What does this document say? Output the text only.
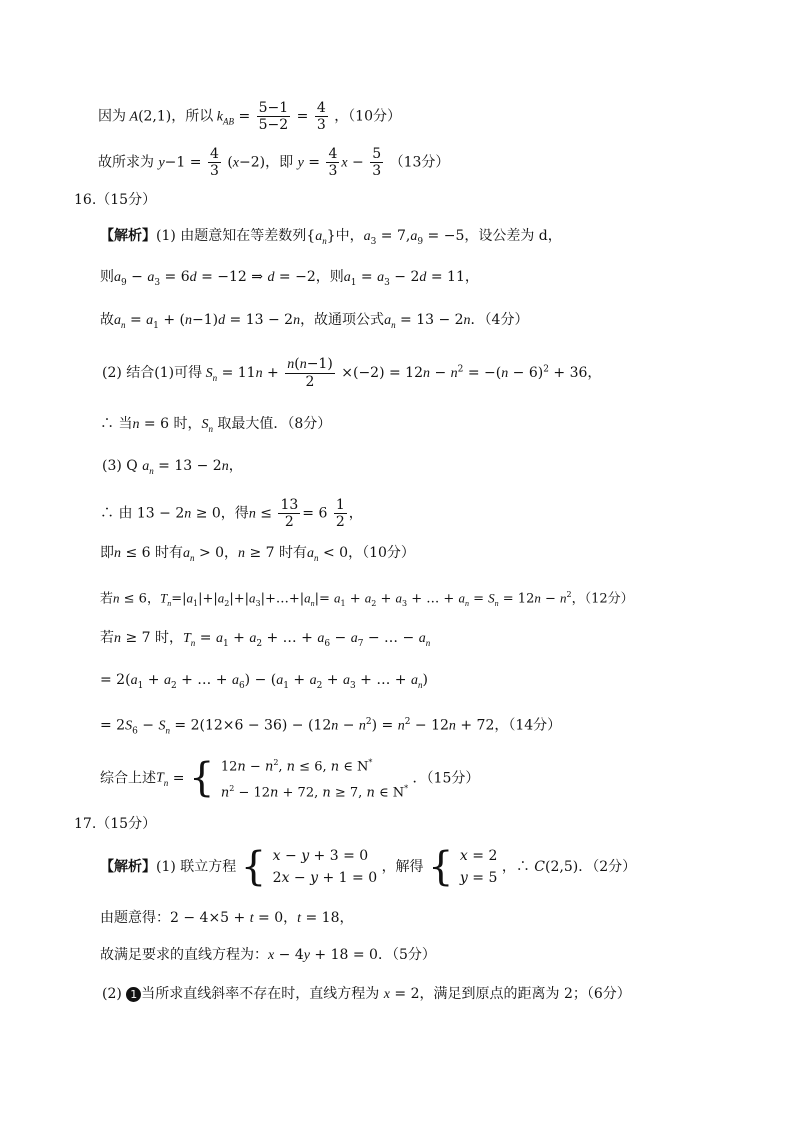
因为 A(2,1)，所以 $k_{AB} = \frac{5-1}{5-2} = \frac{4}{3}$ ，（10分）
故所求为 $y-1 = \frac{4}{3} (x-2)$，即 $y = \frac{4}{3}$ $x - \frac{5}{3} (13$分）
16.（15分）
【解析】(1) 由题意知在等差数列$\{a_n\}$中，$a_3 = 7,a_9 = -5$，设公差为 d，
则$a_9 - a_3 = 6d = -12$ ⇒ d = −2，则$a_1 = a_3 - 2d = 11$，
故$a_n = a_1 + (n-1)d = 13 - 2n$，故通项公式$a_n = 13 - 2n$．（4分）
(2) 结合(1)可得 $S_n = 11n + \frac{n(n-1)}{2} \times(-2) = 12n - n^2 = -(n - 6)^2 + 36$，
∴ 当n = 6 时，$S_n$ 取最大值．（8分）
(3) Q $a_n = 13 - 2n$，
∴ 由 13 − 2n ≥ 0，得$n \le \frac{13}{2} = 6 \frac{1}{2}$ ，
即n ≤ 6 时有$a_n > 0$，n ≥ 7 时有$a_n < 0$，（10分）
若n ≤ 6，$T_n=|a_1|+|a_2|+|a_3|+\dots+|a_n|= a_1 + a_2 + a_3$ + … + $a_n = S_n = 12n - n^2$，（12分）
若n ≥ 7 时，$T_n = a_1 + a_2$ + … + $a_6 - a_7$ − … − $a_n$
= $2(a_1 + a_2$ + … + $a_6) - (a_1 + a_2 + a_3$ + … + $a_n$)
= $2S_6 - S_n = 2(12\times 6 - 36) - (12n - n^2) = n^2 - 12n + 72$，（14分）
综合上述$T_n$ = { $12n - n^2$, n ≤ 6, n ∈ N*
$n^2 - 12n + 72$, n ≥ 7, n ∈ N*
．（15分）
17.（15分）
【解析】(1) 联立方程 { x − y + 3 = 0
2x − y + 1 = 0
，解得 { x = 2
y = 5
，∴ C(2,5)．（2分）
由题意得：2 − 4×5 + t = 0，t = 18，
故满足要求的直线方程为：x − 4y + 18 = 0．（5分）
(2) 1 当所求直线斜率不存在时，直线方程为 x = 2，满足到原点的距离为 2；（6分）
